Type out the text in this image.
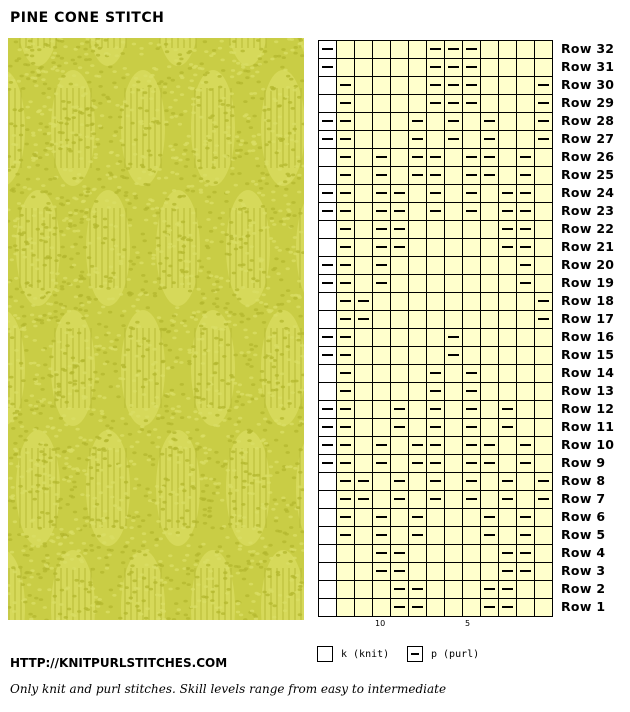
PINE CONE STITCH
Row 32
Row 31
Row 30
Row 29
Row 28
Row 27
Row 26
Row 25
Row 24
Row 23
Row 22
Row 21
Row 20
Row 19
Row 18
Row 17
Row 16
Row 15
Row 14
Row 13
Row 12
Row 11
Row 10
Row 9
Row 8
Row 7
Row 6
Row 5
Row 4
Row 3
Row 2
Row 1
10	5
k (knit)	p (purl)
HTTP://KNITPURLSTITCHES.COM
Only knit and purl stitches. Skill levels range from easy to intermediate
